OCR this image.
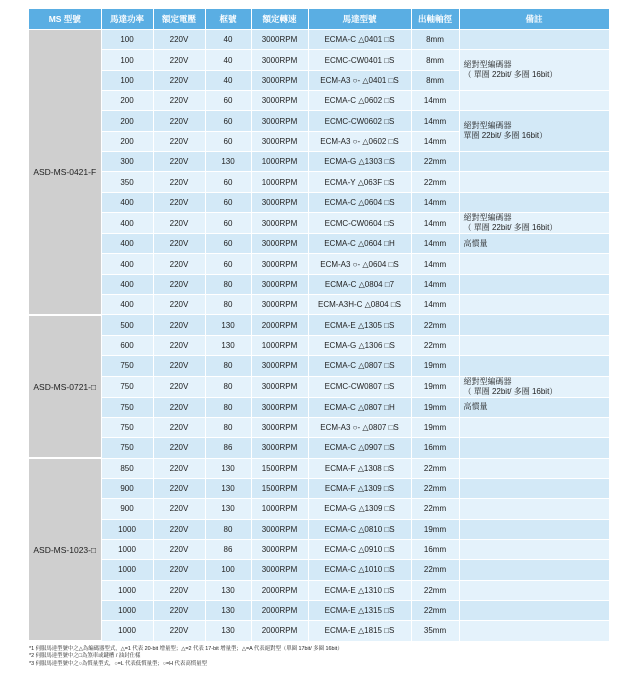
MS 型號	馬達功率	額定電壓	框號	額定轉速	馬達型號	出軸軸徑	備註
ASD-MS-0421-F	100	220V	40	3000RPM	ECMA-C △0401 □S	8mm	
	100	220V	40	3000RPM	ECMC-CW0401 □S	8mm	絕對型編碼器
（ 單圈 22bit/ 多圈 16bit）

	100	220V	40	3000RPM	ECM-A3 ○- △0401 □S	8mm	
	200	220V	60	3000RPM	ECMA-C △0602 □S	14mm	
	200	220V	60	3000RPM	ECMC-CW0602 □S	14mm	絕對型編碼器
單圈 22bit/ 多圈 16bit）

	200	220V	60	3000RPM	ECM-A3 ○- △0602 □S	14mm	
	300	220V	130	1000RPM	ECMA-G △1303 □S	22mm	
	350	220V	60	1000RPM	ECMA-Y △063F □S	22mm	
	400	220V	60	3000RPM	ECMA-C △0604 □S	14mm	
	400	220V	60	3000RPM	ECMC-CW0604 □S	14mm	絕對型編碼器
（ 單圈 22bit/ 多圈 16bit）

	400	220V	60	3000RPM	ECMA-C △0604 □H	14mm	高慣量
	400	220V	60	3000RPM	ECM-A3 ○- △0604 □S	14mm	
	400	220V	80	3000RPM	ECMA-C △0804 □7	14mm	
	400	220V	80	3000RPM	ECM-A3H-C △0804 □S	14mm	
ASD-MS-0721-□	500	220V	130	2000RPM	ECMA-E △1305 □S	22mm	
	600	220V	130	1000RPM	ECMA-G △1306 □S	22mm	
	750	220V	80	3000RPM	ECMA-C △0807 □S	19mm	
	750	220V	80	3000RPM	ECMC-CW0807 □S	19mm	絕對型編碼器
（ 單圈 22bit/ 多圈 16bit）

	750	220V	80	3000RPM	ECMA-C △0807 □H	19mm	高慣量
	750	220V	80	3000RPM	ECM-A3 ○- △0807 □S	19mm	
	750	220V	86	3000RPM	ECMA-C △0907 □S	16mm	
ASD-MS-1023-□	850	220V	130	1500RPM	ECMA-F △1308 □S	22mm	
	900	220V	130	1500RPM	ECMA-F △1309 □S	22mm	
	900	220V	130	1000RPM	ECMA-G △1309 □S	22mm	
	1000	220V	80	3000RPM	ECMA-C △0810 □S	19mm	
	1000	220V	86	3000RPM	ECMA-C △0910 □S	16mm	
	1000	220V	100	3000RPM	ECMA-C △1010 □S	22mm	
	1000	220V	130	2000RPM	ECMA-E △1310 □S	22mm	
	1000	220V	130	2000RPM	ECMA-E △1315 □S	22mm	
	1000	220V	130	2000RPM	ECMA-E △1815 □S	35mm	
*1 伺服馬達型號中之△為編碼器型式，△=1 代表 20-bit 增量型；△=2 代表 17-bit 增量型；△=A 代表絕對型（單圈 17bit/ 多圈 16bit）
*2 伺服馬達型號中之□為煞車或鍵槽 / 油封仕樣
*3 伺服馬達型號中之○為慣量型式，○=L 代表低慣量型；○=H 代表高慣量型
